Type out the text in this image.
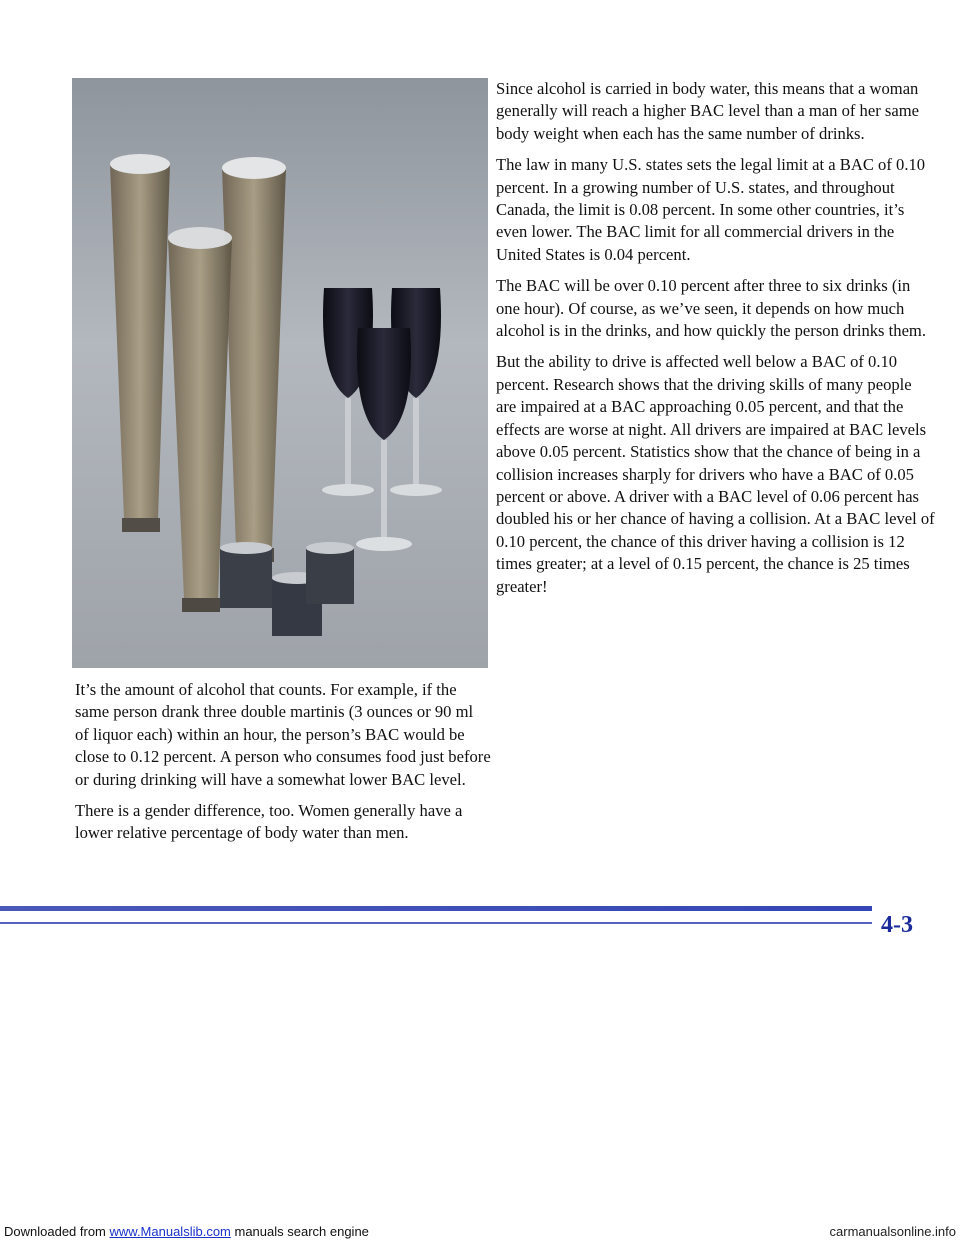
It’s the amount of alcohol that counts. For example, if the same person drank three double martinis (3 ounces or 90 ml of liquor each) within an hour, the person’s BAC would be close to 0.12 percent. A person who consumes food just before or during drinking will have a somewhat lower BAC level.

There is a gender difference, too. Women generally have a lower relative percentage of body water than men.

Since alcohol is carried in body water, this means that a woman generally will reach a higher BAC level than a man of her same body weight when each has the same number of drinks.

The law in many U.S. states sets the legal limit at a BAC of 0.10 percent. In a growing number of U.S. states, and throughout Canada, the limit is 0.08 percent. In some other countries, it’s even lower. The BAC limit for all commercial drivers in the United States is 0.04 percent.

The BAC will be over 0.10 percent after three to six drinks (in one hour). Of course, as we’ve seen, it depends on how much alcohol is in the drinks, and how quickly the person drinks them.

But the ability to drive is affected well below a BAC of 0.10 percent. Research shows that the driving skills of many people are impaired at a BAC approaching 0.05 percent, and that the effects are worse at night. All drivers are impaired at BAC levels above 0.05 percent. Statistics show that the chance of being in a collision increases sharply for drivers who have a BAC of 0.05 percent or above. A driver with a BAC level of 0.06 percent has doubled his or her chance of having a collision. At a BAC level of 0.10 percent, the chance of this driver having a collision is 12 times greater; at a level of 0.15 percent, the chance is 25 times greater!

4-3
Downloaded from www.Manualslib.com manuals search engine	carmanualsonline.info
